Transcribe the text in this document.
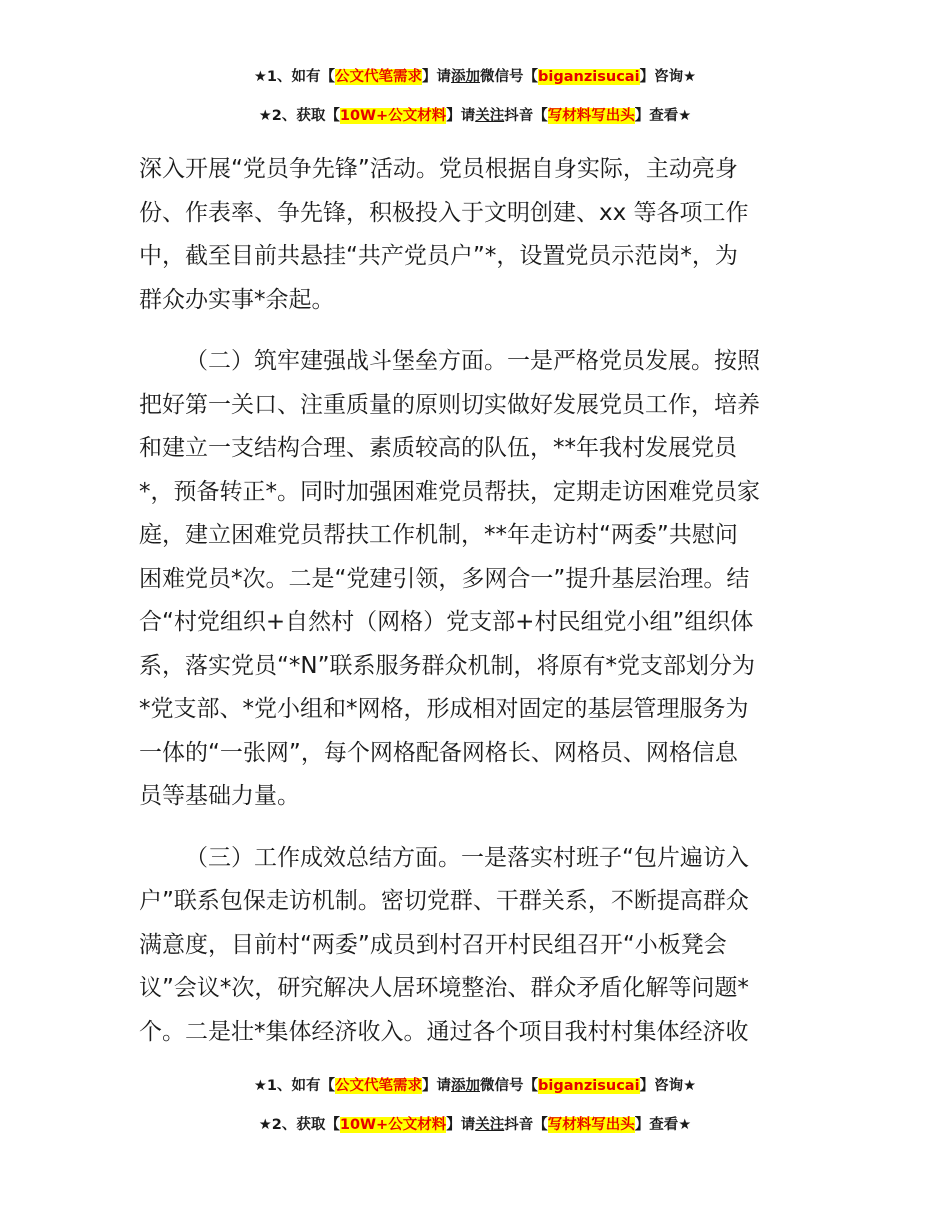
★1、如有【公文代笔需求】请添加微信号【biganzisucai】咨询★
★2、获取【10W+公文材料】请关注抖音【写材料写出头】查看★

深入开展“党员争先锋”活动。党员根据自身实际，主动亮身
份、作表率、争先锋，积极投入于文明创建、xx 等各项工作
中，截至目前共悬挂“共产党员户”*，设置党员示范岗*，为
群众办实事*余起。

（二）筑牢建强战斗堡垒方面。一是严格党员发展。按照
把好第一关口、注重质量的原则切实做好发展党员工作，培养
和建立一支结构合理、素质较高的队伍，**年我村发展党员
*，预备转正*。同时加强困难党员帮扶，定期走访困难党员家
庭，建立困难党员帮扶工作机制，**年走访村“两委”共慰问
困难党员*次。二是“党建引领，多网合一”提升基层治理。结
合“村党组织+自然村（网格）党支部+村民组党小组”组织体
系，落实党员“*N”联系服务群众机制，将原有*党支部划分为
*党支部、*党小组和*网格，形成相对固定的基层管理服务为
一体的“一张网”，每个网格配备网格长、网格员、网格信息
员等基础力量。

（三）工作成效总结方面。一是落实村班子“包片遍访入
户”联系包保走访机制。密切党群、干群关系，不断提高群众
满意度，目前村“两委”成员到村召开村民组召开“小板凳会
议”会议*次，研究解决人居环境整治、群众矛盾化解等问题*
个。二是壮*集体经济收入。通过各个项目我村村集体经济收

★1、如有【公文代笔需求】请添加微信号【biganzisucai】咨询★
★2、获取【10W+公文材料】请关注抖音【写材料写出头】查看★
